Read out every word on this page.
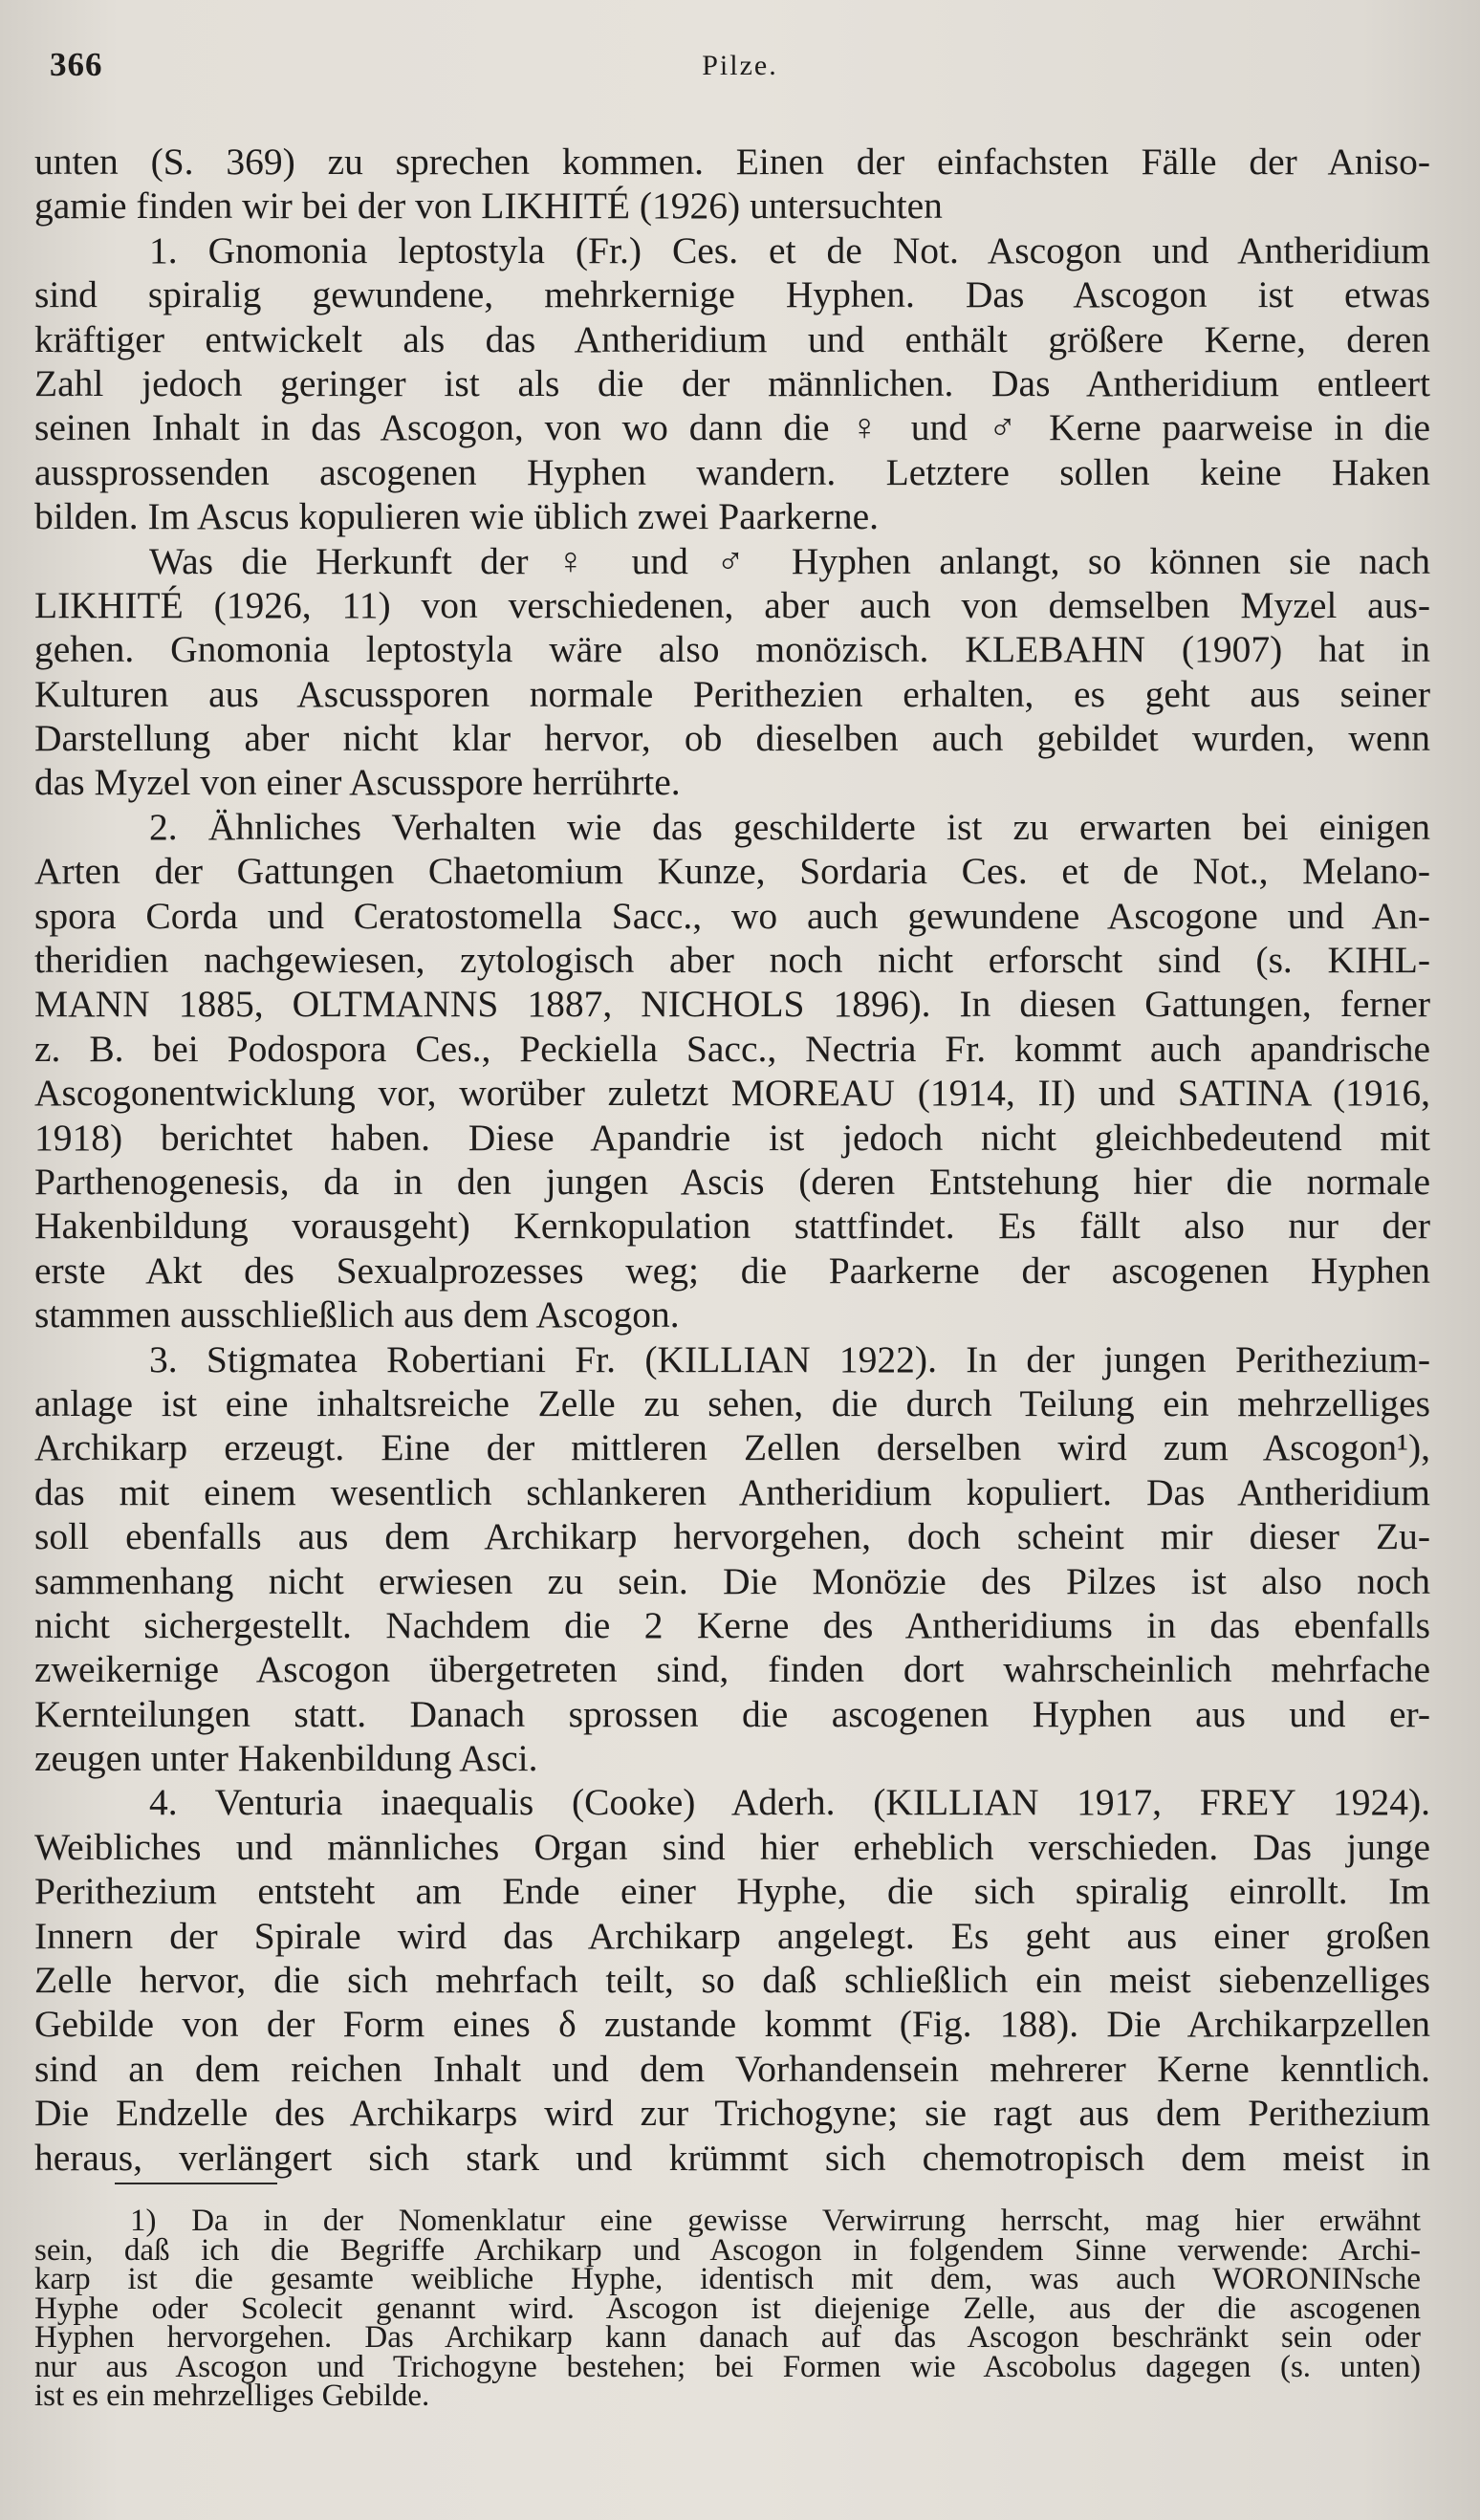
366	Pilze.
unten (S. 369) zu sprechen kommen. Einen der einfachsten Fälle der Aniso-
gamie finden wir bei der von LIKHITÉ (1926) untersuchten
1. Gnomonia leptostyla (Fr.) Ces. et de Not. Ascogon und Antheridium
sind spiralig gewundene, mehrkernige Hyphen. Das Ascogon ist etwas
kräftiger entwickelt als das Antheridium und enthält größere Kerne, deren
Zahl jedoch geringer ist als die der männlichen. Das Antheridium entleert
seinen Inhalt in das Ascogon, von wo dann die ♀ und ♂ Kerne paarweise in die
aussprossenden ascogenen Hyphen wandern. Letztere sollen keine Haken
bilden. Im Ascus kopulieren wie üblich zwei Paarkerne.
Was die Herkunft der ♀ und ♂ Hyphen anlangt, so können sie nach
LIKHITÉ (1926, 11) von verschiedenen, aber auch von demselben Myzel aus-
gehen. Gnomonia leptostyla wäre also monözisch. KLEBAHN (1907) hat in
Kulturen aus Ascussporen normale Perithezien erhalten, es geht aus seiner
Darstellung aber nicht klar hervor, ob dieselben auch gebildet wurden, wenn
das Myzel von einer Ascusspore herrührte.
2. Ähnliches Verhalten wie das geschilderte ist zu erwarten bei einigen
Arten der Gattungen Chaetomium Kunze, Sordaria Ces. et de Not., Melano-
spora Corda und Ceratostomella Sacc., wo auch gewundene Ascogone und An-
theridien nachgewiesen, zytologisch aber noch nicht erforscht sind (s. KIHL-
MANN 1885, OLTMANNS 1887, NICHOLS 1896). In diesen Gattungen, ferner
z. B. bei Podospora Ces., Peckiella Sacc., Nectria Fr. kommt auch apandrische
Ascogonentwicklung vor, worüber zuletzt MOREAU (1914, II) und SATINA (1916,
1918) berichtet haben. Diese Apandrie ist jedoch nicht gleichbedeutend mit
Parthenogenesis, da in den jungen Ascis (deren Entstehung hier die normale
Hakenbildung vorausgeht) Kernkopulation stattfindet. Es fällt also nur der
erste Akt des Sexualprozesses weg; die Paarkerne der ascogenen Hyphen
stammen ausschließlich aus dem Ascogon.
3. Stigmatea Robertiani Fr. (KILLIAN 1922). In der jungen Perithezium-
anlage ist eine inhaltsreiche Zelle zu sehen, die durch Teilung ein mehrzelliges
Archikarp erzeugt. Eine der mittleren Zellen derselben wird zum Ascogon¹),
das mit einem wesentlich schlankeren Antheridium kopuliert. Das Antheridium
soll ebenfalls aus dem Archikarp hervorgehen, doch scheint mir dieser Zu-
sammenhang nicht erwiesen zu sein. Die Monözie des Pilzes ist also noch
nicht sichergestellt. Nachdem die 2 Kerne des Antheridiums in das ebenfalls
zweikernige Ascogon übergetreten sind, finden dort wahrscheinlich mehrfache
Kernteilungen statt. Danach sprossen die ascogenen Hyphen aus und er-
zeugen unter Hakenbildung Asci.
4. Venturia inaequalis (Cooke) Aderh. (KILLIAN 1917, FREY 1924).
Weibliches und männliches Organ sind hier erheblich verschieden. Das junge
Perithezium entsteht am Ende einer Hyphe, die sich spiralig einrollt. Im
Innern der Spirale wird das Archikarp angelegt. Es geht aus einer großen
Zelle hervor, die sich mehrfach teilt, so daß schließlich ein meist siebenzelliges
Gebilde von der Form eines δ zustande kommt (Fig. 188). Die Archikarpzellen
sind an dem reichen Inhalt und dem Vorhandensein mehrerer Kerne kenntlich.
Die Endzelle des Archikarps wird zur Trichogyne; sie ragt aus dem Perithezium
heraus, verlängert sich stark und krümmt sich chemotropisch dem meist in
1) Da in der Nomenklatur eine gewisse Verwirrung herrscht, mag hier erwähnt
sein, daß ich die Begriffe Archikarp und Ascogon in folgendem Sinne verwende: Archi-
karp ist die gesamte weibliche Hyphe, identisch mit dem, was auch WORONINsche
Hyphe oder Scolecit genannt wird. Ascogon ist diejenige Zelle, aus der die ascogenen
Hyphen hervorgehen. Das Archikarp kann danach auf das Ascogon beschränkt sein oder
nur aus Ascogon und Trichogyne bestehen; bei Formen wie Ascobolus dagegen (s. unten)
ist es ein mehrzelliges Gebilde.
